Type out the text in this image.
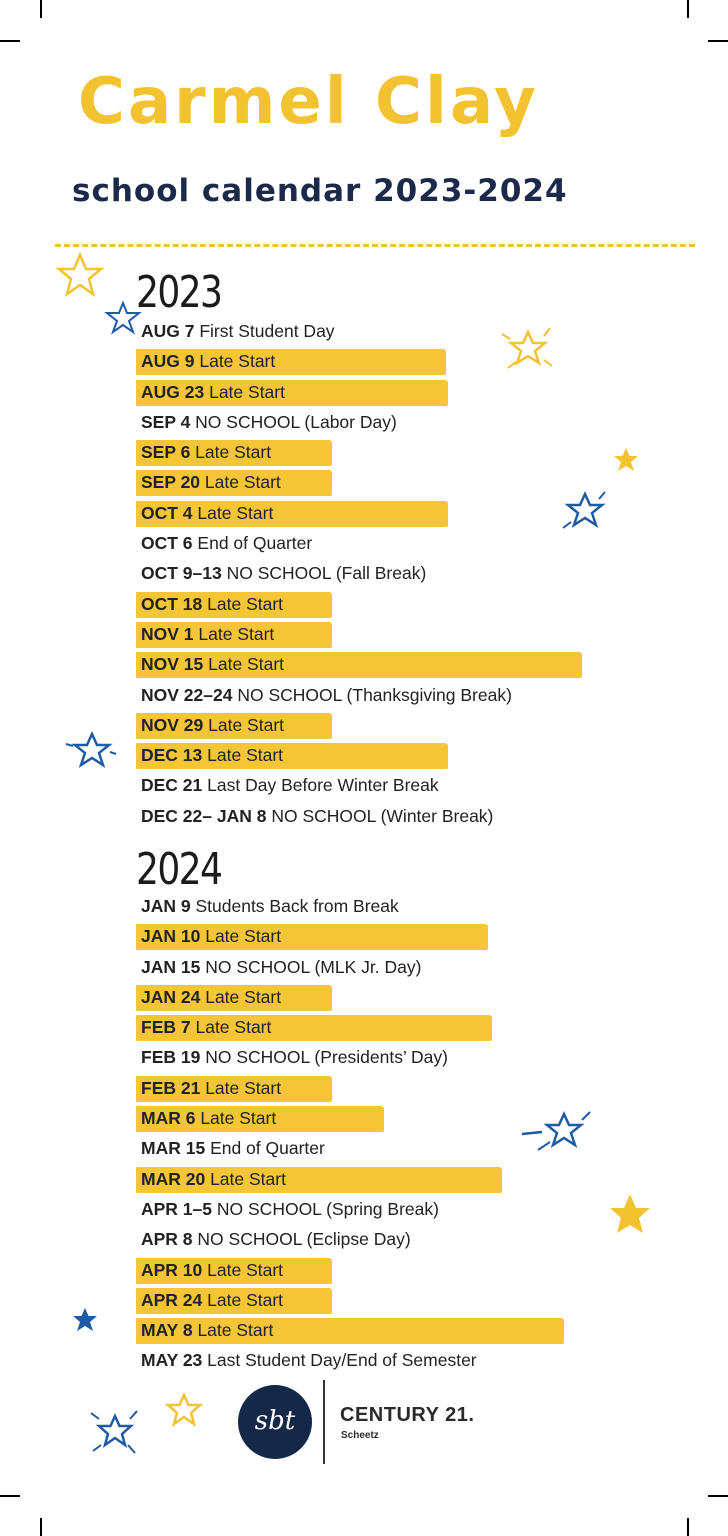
Carmel Clay
school calendar 2023-2024
2023
AUG 7 First Student Day
AUG 9 Late Start
AUG 23 Late Start
SEP 4 NO SCHOOL (Labor Day)
SEP 6 Late Start
SEP 20 Late Start
OCT 4 Late Start
OCT 6 End of Quarter
OCT 9–13 NO SCHOOL (Fall Break)
OCT 18 Late Start
NOV 1 Late Start
NOV 15 Late Start
NOV 22–24 NO SCHOOL (Thanksgiving Break)
NOV 29 Late Start
DEC 13 Late Start
DEC 21 Last Day Before Winter Break
DEC 22– JAN 8 NO SCHOOL (Winter Break)
2024
JAN 9 Students Back from Break
JAN 10 Late Start
JAN 15 NO SCHOOL (MLK Jr. Day)
JAN 24 Late Start
FEB 7 Late Start
FEB 19 NO SCHOOL (Presidents’ Day)
FEB 21 Late Start
MAR 6 Late Start
MAR 15 End of Quarter
MAR 20 Late Start
APR 1–5 NO SCHOOL (Spring Break)
APR 8 NO SCHOOL (Eclipse Day)
APR 10 Late Start
APR 24 Late Start
MAY 8 Late Start
MAY 23 Last Student Day/End of Semester
sbt	CENTURY 21.
Scheetz
